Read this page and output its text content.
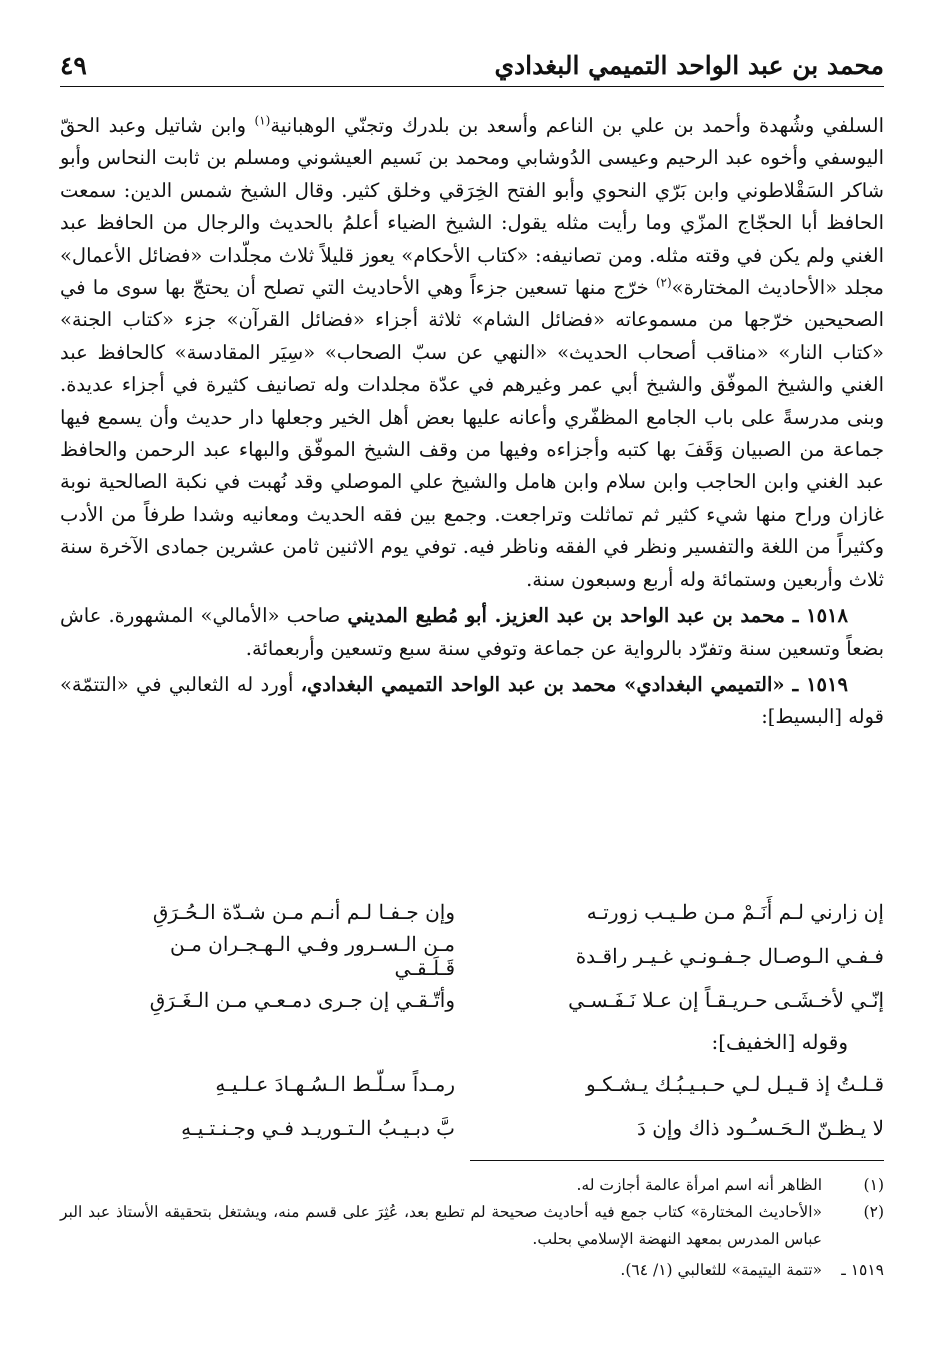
محمد بن عبد الواحد التميمي البغدادي
٤٩

السلفي وشُهدة وأحمد بن علي بن الناعم وأسعد بن بلدرك وتجنّي الوهبانية$^{(١)}$ وابن شاتيل وعبد الحقّ اليوسفي وأخوه عبد الرحيم وعيسى الدُوشابي ومحمد بن نَسيم العيشوني ومسلم بن ثابت النحاس وأبو شاكر السَقْلاطوني وابن بَرّي النحوي وأبو الفتح الخِرَقي وخلق كثير. وقال الشيخ شمس الدين: سمعت الحافظ أبا الحجّاج المزّي وما رأيت مثله يقول: الشيخ الضياء أعلمُ بالحديث والرجال من الحافظ عبد الغني ولم يكن في وقته مثله. ومن تصانيفه: «كتاب الأحكام» يعوز قليلاً ثلاث مجلّدات «فضائل الأعمال» مجلد «الأحاديث المختارة»$^{(٢)}$ خرّج منها تسعين جزءاً وهي الأحاديث التي تصلح أن يحتجّ بها سوى ما في الصحيحين خرّجها من مسموعاته «فضائل الشام» ثلاثة أجزاء «فضائل القرآن» جزء «كتاب الجنة» «كتاب النار» «مناقب أصحاب الحديث» «النهي عن سبّ الصحاب» «سِيَر المقادسة» كالحافظ عبد الغني والشيخ الموفّق والشيخ أبي عمر وغيرهم في عدّة مجلدات وله تصانيف كثيرة في أجزاء عديدة. وبنى مدرسةً على باب الجامع المظفّري وأعانه عليها بعض أهل الخير وجعلها دار حديث وأن يسمع فيها جماعة من الصبيان وَقَفَ بها كتبه وأجزاءه وفيها من وقف الشيخ الموفّق والبهاء عبد الرحمن والحافظ عبد الغني وابن الحاجب وابن سلام وابن هامل والشيخ علي الموصلي وقد نُهبت في نكبة الصالحية نوبة غازان وراح منها شيء كثير ثم تماثلت وتراجعت. وجمع بين فقه الحديث ومعانيه وشدا طرفاً من الأدب وكثيراً من اللغة والتفسير ونظر في الفقه وناظر فيه. توفي يوم الاثنين ثامن عشرين جمادى الآخرة سنة ثلاث وأربعين وستمائة وله أربع وسبعون سنة.

١٥١٨ ـ محمد بن عبد الواحد بن عبد العزيز. أبو مُطيع المديني صاحب «الأمالي» المشهورة. عاش بضعاً وتسعين سنة وتفرّد بالرواية عن جماعة وتوفي سنة سبع وتسعين وأربعمائة.

١٥١٩ ـ «التميمي البغدادي» محمد بن عبد الواحد التميمي البغدادي، أورد له الثعالبي في «التتمّة» قوله [البسيط]:

إن زارني لـم أَنَـمْ مـن طـيـب زورتـه
وإن جـفـا لـم أنـم مـن شـدّة الـحُـرَقِ
فـفـي الـوصـال جـفـونـي غـيـر راقـدة
مـن الـسـرور وفـي الـهـجـران مـن قَـلَـقـي
إنّـي لأخـشَـى حـريـقـاً إن عـلا نَـفَـسـي
وأتّـقـي إن جـرى دمـعـي مـن الـغَـرَقِ
وقوله [الخفيف]:
قـلـتُ إذ قـيـل لـي حـبـيـبُـك يـشـكـو
رمـداً سـلّـط الـسُـهـادَ عـلـيـهِ
لا يـظـنّ الـحَـسـُـود ذاك وإن دَ
بَّ دبـيـبُ الـتـوريـد فـي وجـنـتـيـهِ
(١)
الظاهر أنه اسم امرأة عالمة أجازت له.
(٢)
«الأحاديث المختارة» كتاب جمع فيه أحاديث صحيحة لم تطبع بعد، عُثِرَ على قسم منه، ويشتغل بتحقيقه الأستاذ عبد البر عباس المدرس بمعهد النهضة الإسلامي بحلب.
١٥١٩ ـ
«تتمة اليتيمة» للثعالبي (١/ ٦٤).
